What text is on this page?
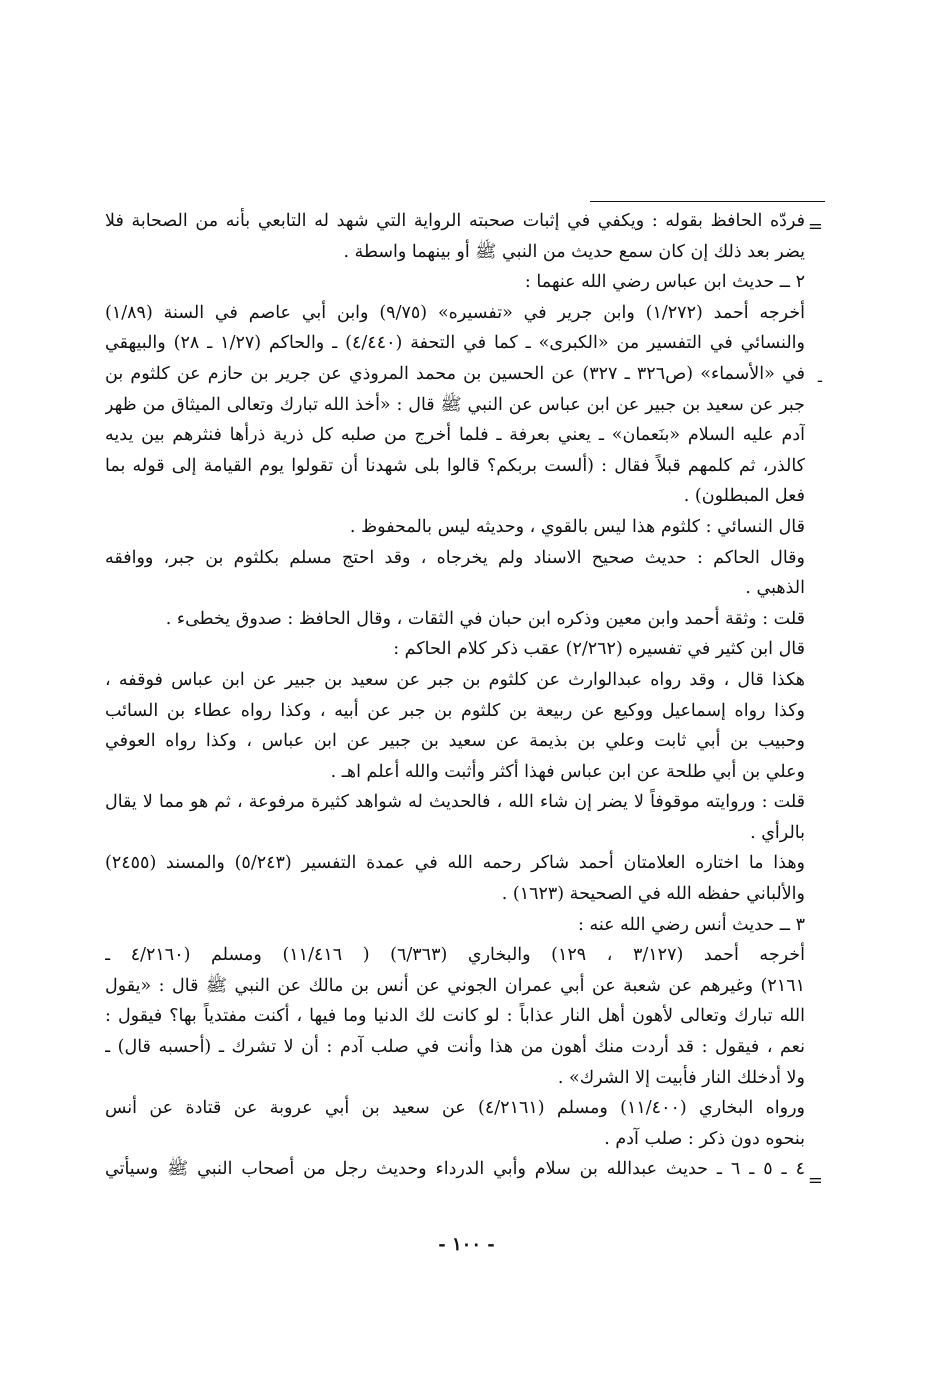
=
-
=
فردّه الحافظ بقوله : ويكفي في إثبات صحبته الرواية التي شهد له التابعي بأنه من الصحابة فلا
يضر بعد ذلك إن كان سمع حديث من النبي ﷺ أو بينهما واسطة .
٢ ــ حديث ابن عباس رضي الله عنهما :
أخرجه أحمد (١/٢٧٢) وابن جرير في «تفسيره» (٩/٧٥) وابن أبي عاصم في السنة (١/٨٩)
والنسائي في التفسير من «الكبرى» ـ كما في التحفة (٤/٤٤٠) ـ والحاكم (١/٢٧ ـ ٢٨) والبيهقي
في «الأسماء» (ص٣٢٦ ـ ٣٢٧) عن الحسين بن محمد المروذي عن جرير بن حازم عن كلثوم بن
جبر عن سعيد بن جبير عن ابن عباس عن النبي ﷺ قال : «أخذ الله تبارك وتعالى الميثاق من ظهر
آدم عليه السلام «بنَعمان» ـ يعني بعرفة ـ فلما أخرج من صلبه كل ذرية ذرأها فنثرهم بين يديه
كالذر، ثم كلمهم قبلاً فقال : (ألست بربكم؟ قالوا بلى شهدنا أن تقولوا يوم القيامة إلى قوله بما
فعل المبطلون) .
قال النسائي : كلثوم هذا ليس بالقوي ، وحديثه ليس بالمحفوظ .
وقال الحاكم : حديث صحيح الاسناد ولم يخرجاه ، وقد احتج مسلم بكلثوم بن جبر، ووافقه
الذهبي .
قلت : وثقة أحمد وابن معين وذكره ابن حبان في الثقات ، وقال الحافظ : صدوق يخطىء .
قال ابن كثير في تفسيره (٢/٢٦٢) عقب ذكر كلام الحاكم :
هكذا قال ، وقد رواه عبدالوارث عن كلثوم بن جبر عن سعيد بن جبير عن ابن عباس فوقفه ،
وكذا رواه إسماعيل ووكيع عن ربيعة بن كلثوم بن جبر عن أبيه ، وكذا رواه عطاء بن السائب
وحبيب بن أبي ثابت وعلي بن بذيمة عن سعيد بن جبير عن ابن عباس ، وكذا رواه العوفي
وعلي بن أبي طلحة عن ابن عباس فهذا أكثر وأثبت والله أعلم اهـ .
قلت : وروايته موقوفاً لا يضر إن شاء الله ، فالحديث له شواهد كثيرة مرفوعة ، ثم هو مما لا يقال
بالرأي .
وهذا ما اختاره العلامتان أحمد شاكر رحمه الله في عمدة التفسير (٥/٢٤٣) والمسند (٢٤٥٥)
والألباني حفظه الله في الصحيحة (١٦٢٣) .
٣ ــ حديث أنس رضي الله عنه :
أخرجه أحمد (٣/١٢٧ ، ١٢٩) والبخاري (٦/٣٦٣) ( ١١/٤١٦) ومسلم (٤/٢١٦٠ ـ
٢١٦١) وغيرهم عن شعبة عن أبي عمران الجوني عن أنس بن مالك عن النبي ﷺ قال : «يقول
الله تبارك وتعالى لأهون أهل النار عذاباً : لو كانت لك الدنيا وما فيها ، أكنت مفتدياً بها؟ فيقول :
نعم ، فيقول : قد أردت منك أهون من هذا وأنت في صلب آدم : أن لا تشرك ـ (أحسبه قال) ـ
ولا أدخلك النار فأبيت إلا الشرك» .
ورواه البخاري (١١/٤٠٠) ومسلم (٤/٢١٦١) عن سعيد بن أبي عروبة عن قتادة عن أنس
بنحوه دون ذكر : صلب آدم .
٤ ـ ٥ ـ ٦ ـ حديث عبدالله بن سلام وأبي الدرداء وحديث رجل من أصحاب النبي ﷺ وسيأتي
- ١٠٠ -
